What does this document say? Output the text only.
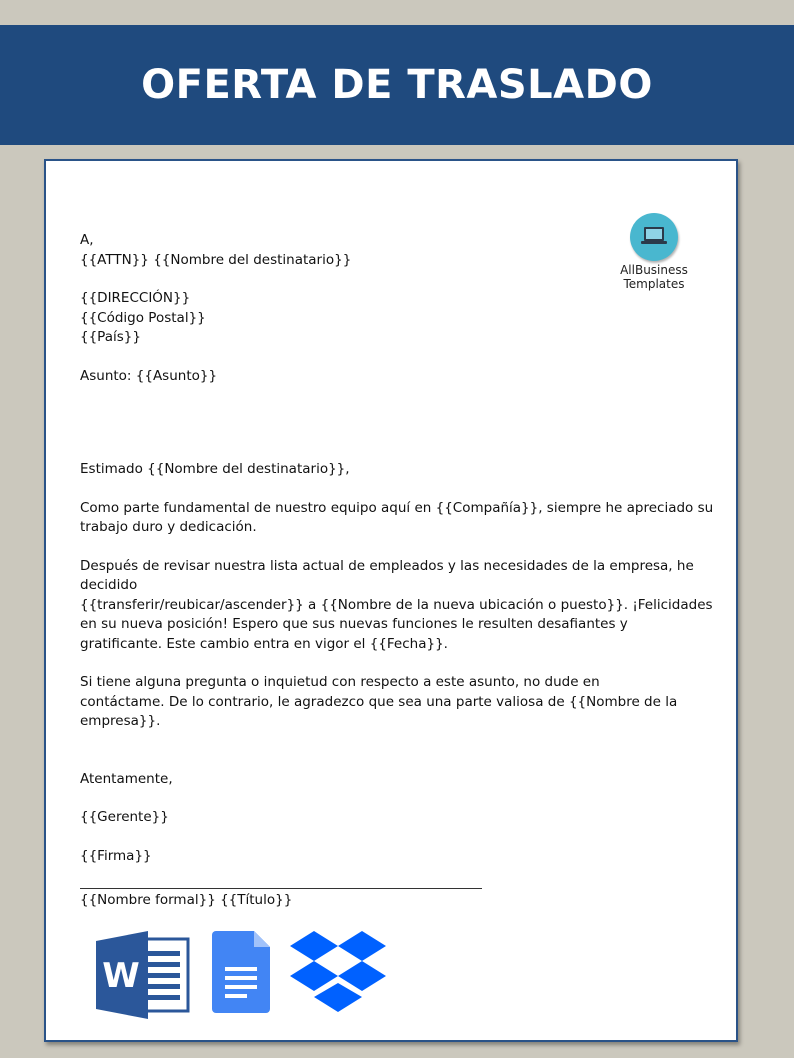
OFERTA DE TRASLADO
AllBusiness
Templates

A,

{{ATTN}} {{Nombre del destinatario}}

{{DIRECCIÓN}}

{{Código Postal}}

{{País}}

Asunto: {{Asunto}}

Estimado {{Nombre del destinatario}},

Como parte fundamental de nuestro equipo aquí en {{Compañía}}, siempre he apreciado su

trabajo duro y dedicación.

Después de revisar nuestra lista actual de empleados y las necesidades de la empresa, he decidido

{{transferir/reubicar/ascender}} a {{Nombre de la nueva ubicación o puesto}}. ¡Felicidades

en su nueva posición! Espero que sus nuevas funciones le resulten desafiantes y

gratificante. Este cambio entra en vigor el {{Fecha}}.

Si tiene alguna pregunta o inquietud con respecto a este asunto, no dude en

contáctame. De lo contrario, le agradezco que sea una parte valiosa de {{Nombre de la empresa}}.

Atentamente,

{{Gerente}}

{{Firma}}

{{Nombre formal}} {{Título}}

W
